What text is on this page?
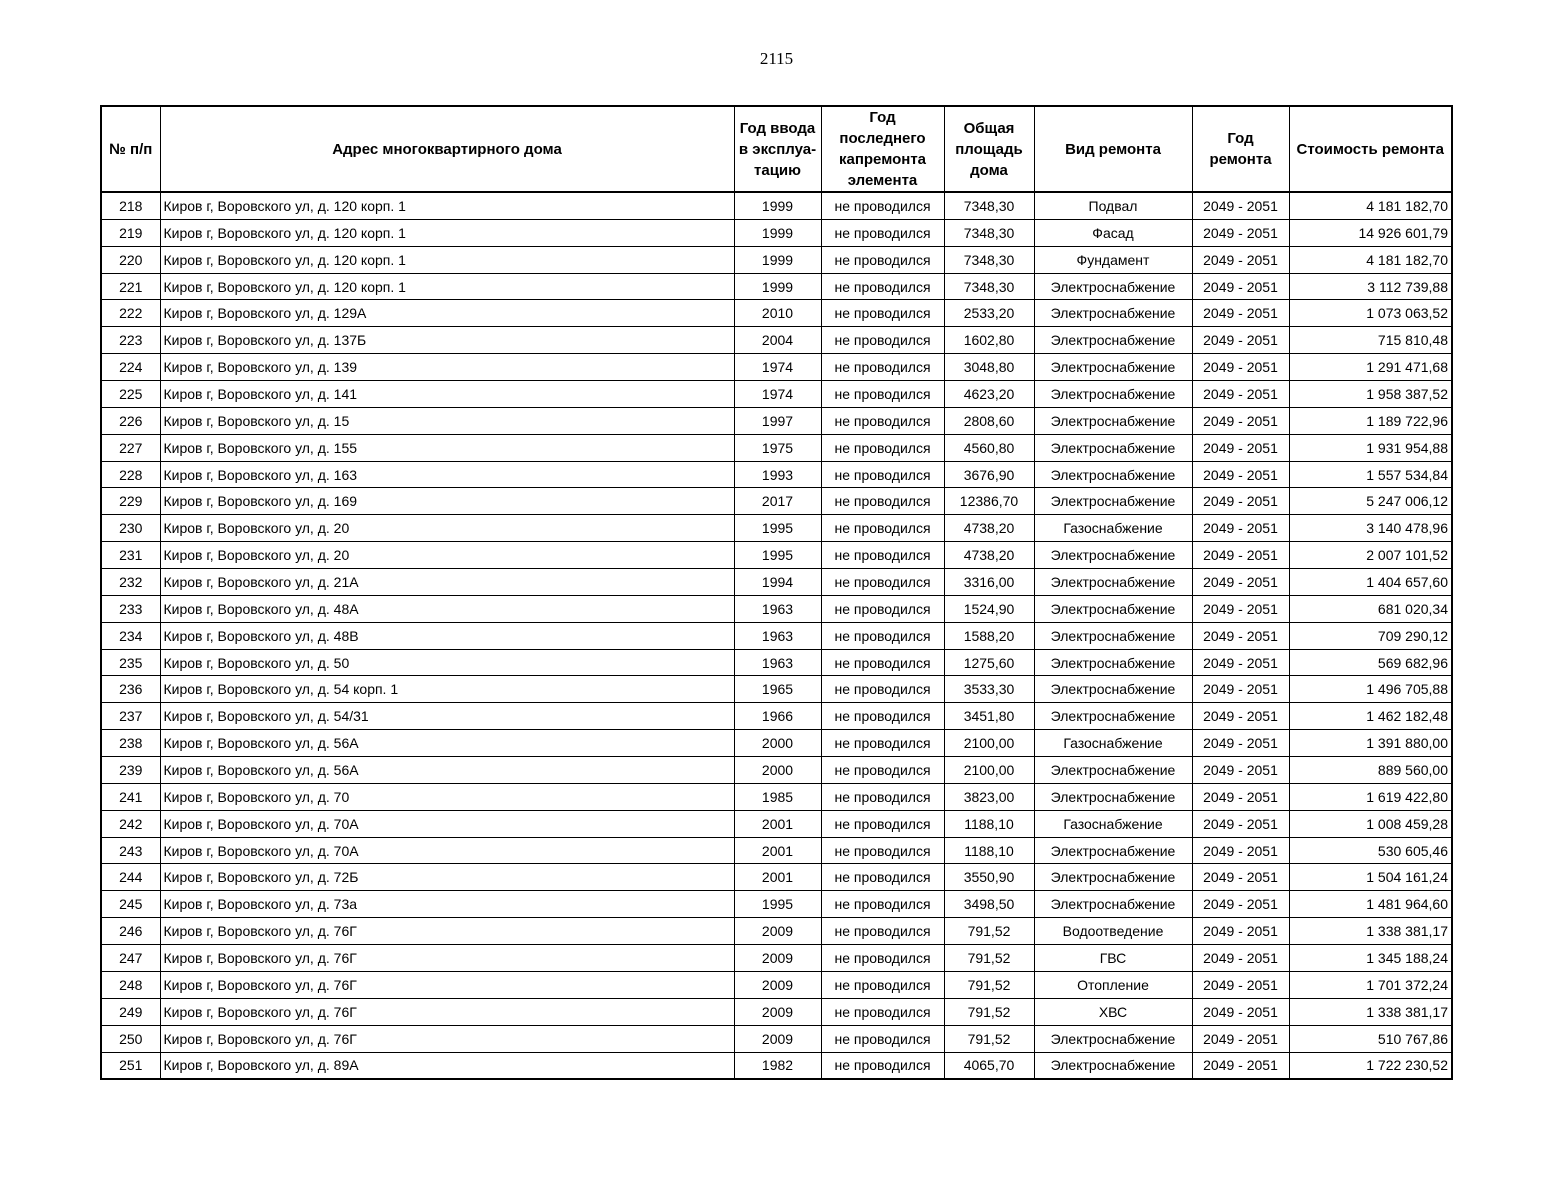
2115
№ п/п	Адрес многоквартирного дома	Год ввода в эксплуа-тацию	Год последнего капремонта элемента	Общая площадь дома	Вид ремонта	Год ремонта	Стоимость ремонта
218	Киров г, Воровского ул, д. 120 корп. 1	1999	не проводился	7348,30	Подвал	2049 - 2051	4 181 182,70
219	Киров г, Воровского ул, д. 120 корп. 1	1999	не проводился	7348,30	Фасад	2049 - 2051	14 926 601,79
220	Киров г, Воровского ул, д. 120 корп. 1	1999	не проводился	7348,30	Фундамент	2049 - 2051	4 181 182,70
221	Киров г, Воровского ул, д. 120 корп. 1	1999	не проводился	7348,30	Электроснабжение	2049 - 2051	3 112 739,88
222	Киров г, Воровского ул, д. 129А	2010	не проводился	2533,20	Электроснабжение	2049 - 2051	1 073 063,52
223	Киров г, Воровского ул, д. 137Б	2004	не проводился	1602,80	Электроснабжение	2049 - 2051	715 810,48
224	Киров г, Воровского ул, д. 139	1974	не проводился	3048,80	Электроснабжение	2049 - 2051	1 291 471,68
225	Киров г, Воровского ул, д. 141	1974	не проводился	4623,20	Электроснабжение	2049 - 2051	1 958 387,52
226	Киров г, Воровского ул, д. 15	1997	не проводился	2808,60	Электроснабжение	2049 - 2051	1 189 722,96
227	Киров г, Воровского ул, д. 155	1975	не проводился	4560,80	Электроснабжение	2049 - 2051	1 931 954,88
228	Киров г, Воровского ул, д. 163	1993	не проводился	3676,90	Электроснабжение	2049 - 2051	1 557 534,84
229	Киров г, Воровского ул, д. 169	2017	не проводился	12386,70	Электроснабжение	2049 - 2051	5 247 006,12
230	Киров г, Воровского ул, д. 20	1995	не проводился	4738,20	Газоснабжение	2049 - 2051	3 140 478,96
231	Киров г, Воровского ул, д. 20	1995	не проводился	4738,20	Электроснабжение	2049 - 2051	2 007 101,52
232	Киров г, Воровского ул, д. 21А	1994	не проводился	3316,00	Электроснабжение	2049 - 2051	1 404 657,60
233	Киров г, Воровского ул, д. 48А	1963	не проводился	1524,90	Электроснабжение	2049 - 2051	681 020,34
234	Киров г, Воровского ул, д. 48В	1963	не проводился	1588,20	Электроснабжение	2049 - 2051	709 290,12
235	Киров г, Воровского ул, д. 50	1963	не проводился	1275,60	Электроснабжение	2049 - 2051	569 682,96
236	Киров г, Воровского ул, д. 54 корп. 1	1965	не проводился	3533,30	Электроснабжение	2049 - 2051	1 496 705,88
237	Киров г, Воровского ул, д. 54/31	1966	не проводился	3451,80	Электроснабжение	2049 - 2051	1 462 182,48
238	Киров г, Воровского ул, д. 56А	2000	не проводился	2100,00	Газоснабжение	2049 - 2051	1 391 880,00
239	Киров г, Воровского ул, д. 56А	2000	не проводился	2100,00	Электроснабжение	2049 - 2051	889 560,00
241	Киров г, Воровского ул, д. 70	1985	не проводился	3823,00	Электроснабжение	2049 - 2051	1 619 422,80
242	Киров г, Воровского ул, д. 70А	2001	не проводился	1188,10	Газоснабжение	2049 - 2051	1 008 459,28
243	Киров г, Воровского ул, д. 70А	2001	не проводился	1188,10	Электроснабжение	2049 - 2051	530 605,46
244	Киров г, Воровского ул, д. 72Б	2001	не проводился	3550,90	Электроснабжение	2049 - 2051	1 504 161,24
245	Киров г, Воровского ул, д. 73а	1995	не проводился	3498,50	Электроснабжение	2049 - 2051	1 481 964,60
246	Киров г, Воровского ул, д. 76Г	2009	не проводился	791,52	Водоотведение	2049 - 2051	1 338 381,17
247	Киров г, Воровского ул, д. 76Г	2009	не проводился	791,52	ГВС	2049 - 2051	1 345 188,24
248	Киров г, Воровского ул, д. 76Г	2009	не проводился	791,52	Отопление	2049 - 2051	1 701 372,24
249	Киров г, Воровского ул, д. 76Г	2009	не проводился	791,52	ХВС	2049 - 2051	1 338 381,17
250	Киров г, Воровского ул, д. 76Г	2009	не проводился	791,52	Электроснабжение	2049 - 2051	510 767,86
251	Киров г, Воровского ул, д. 89А	1982	не проводился	4065,70	Электроснабжение	2049 - 2051	1 722 230,52
